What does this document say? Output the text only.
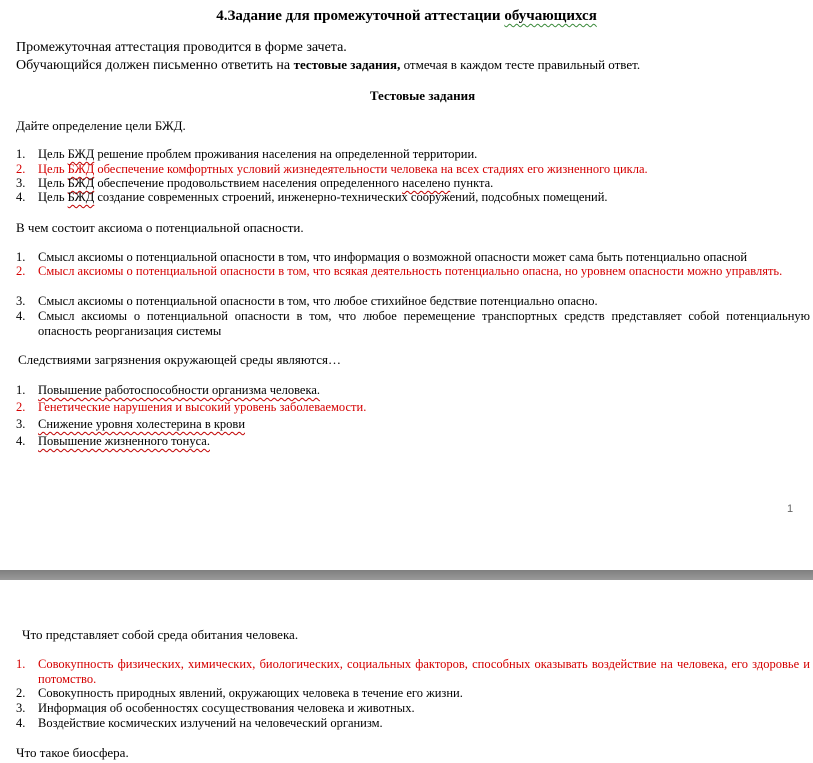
4.Задание для промежуточной аттестации обучающихся
Промежуточная аттестация проводится в форме зачета.
Обучающийся должен письменно ответить на тестовые задания, отмечая в каждом тесте правильный ответ.
Тестовые задания
Дайте определение цели БЖД.
1.	Цель БЖД решение проблем проживания населения на определенной территории.
2.	Цель БЖД обеспечение комфортных условий жизнедеятельности человека на всех стадиях его жизненного цикла.
3.	Цель БЖД обеспечение продовольствием населения определенного населено пункта.
4.	Цель БЖД создание современных строений, инженерно-технических сооружений, подсобных помещений.
В чем состоит аксиома о потенциальной опасности.
1.	Смысл аксиомы о потенциальной опасности в том, что информация о возможной опасности может сама быть потенциально опасной
2.	Смысл аксиомы о потенциальной опасности в том, что всякая деятельность потенциально опасна, но уровнем опасности можно управлять.
3.	Смысл аксиомы о потенциальной опасности в том, что любое стихийное бедствие потенциально опасно.
4.	Смысл аксиомы о потенциальной опасности в том, что любое перемещение транспортных средств представляет собой потенциальную опасность реорганизация системы
Следствиями загрязнения окружающей среды являются…
1.	Повышение работоспособности организма человека.
2.	Генетические нарушения и высокий уровень заболеваемости.
3.	Снижение уровня холестерина в крови
4.	Повышение жизненного тонуса.
1
Что представляет собой среда обитания человека.
1.	Совокупность физических, химических, биологических, социальных факторов, способных оказывать воздействие на человека, его здоровье и потомство.
2.	Совокупность природных явлений, окружающих человека в течение его жизни.
3.	Информация об особенностях сосуществования человека и животных.
4.	Воздействие космических излучений на человеческий организм.
Что такое биосфера.
